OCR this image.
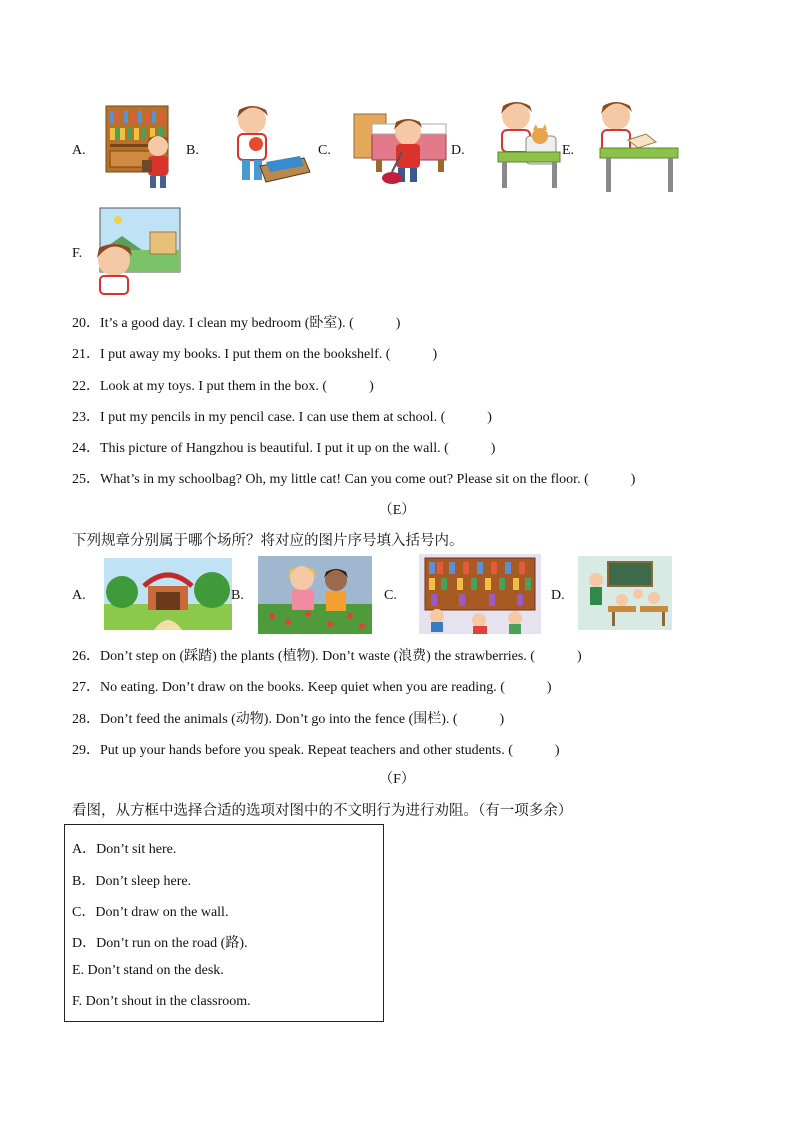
A.	B.	C.	D.	E.
F.
20．It’s a good day. I clean my bedroom (卧室). (　　　)
21．I put away my books. I put them on the bookshelf. (　　　)
22．Look at my toys. I put them in the box. (　　　)
23．I put my pencils in my pencil case. I can use them at school. (　　　)
24．This picture of Hangzhou is beautiful. I put it up on the wall. (　　　)
25．What’s in my schoolbag? Oh, my little cat! Can you come out? Please sit on the floor. (　　　)
（E）
下列规章分别属于哪个场所？将对应的图片序号填入括号内。
A.	B.	C.	D.
26．Don’t step on (踩踏) the plants (植物). Don’t waste (浪费) the strawberries. (　　　)
27．No eating. Don’t draw on the books. Keep quiet when you are reading. (　　　)
28．Don’t feed the animals (动物). Don’t go into the fence (围栏). (　　　)
29．Put up your hands before you speak. Repeat teachers and other students. (　　　)
（F）
看图，从方框中选择合适的选项对图中的不文明行为进行劝阻。（有一项多余）
A．Don’t sit here.
B．Don’t sleep here.
C．Don’t draw on the wall.
D．Don’t run on the road (路).
E. Don’t stand on the desk.
F. Don’t shout in the classroom.
